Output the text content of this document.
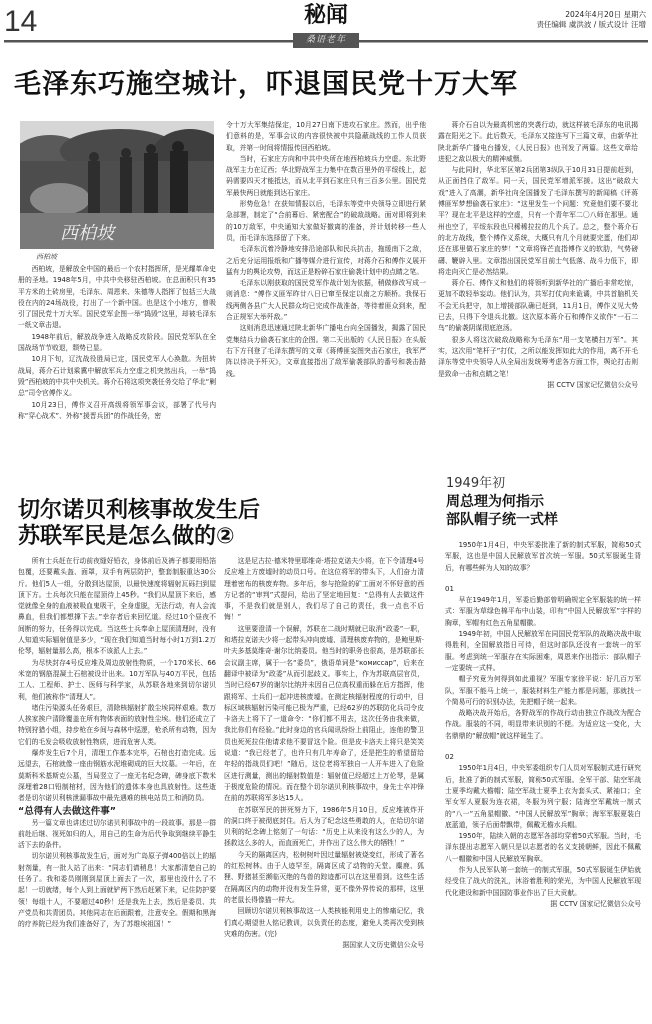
14	秘闻
桑语老年
2024年4月20日 星期六
责任编辑 虞洪波 / 版式设计 汪增
毛泽东巧施空城计，吓退国民党十万大军
西柏坡
西柏坡

西柏坡，是解放全中国的最后一个农村指挥所，是光耀革命史册的圣地。1948年5月，中共中央移驻西柏坡。在总面积只有35平方米的土砖房里，毛泽东、周恩来、朱德等人指挥了包括三大战役在内的24场战役，打出了一个新中国。也是这个小地方，曾吸引了国民党十万大军。国民党军企图一举“捣毁”这里，却被毛泽东一纸文章击退。

1948年前后，解放战争进入战略反攻阶段。国民党军队在全国战场节节败退，颓势已显。

10月下旬，辽沈战役胜局已定，国民党军人心涣散。为扭转战局，蒋介石计划乘冀中解放军兵力空虚之机突然出兵，一举“捣毁”西柏坡的中共中央机关。蒋介石将这项突袭任务交给了华北“剿总”司令官傅作义。

10月23日，傅作义召开高级将领军事会议，部署了代号内称“穿心战术”、外称“援晋兵团”的作战任务，密

令十万大军集结保定，10月27日南下进攻石家庄。然而，出乎他们意料的是，军事会议的内容很快被中共隐蔽战线的工作人员获取，并第一时间将情报传回西柏坡。

当时，石家庄方向和中共中央所在地西柏坡兵力空虚。东北野战军主力在辽西；华北野战军主力集中在数百里外的平绥线上，起码需要四天才能抵达，而从北平到石家庄只有三百多公里。国民党军最快两日就能到达石家庄。

形势危急！在获知情报以后，毛泽东等党中央领导立即进行紧急部署，制定了“合前幕后、紧密配合”的破敌战略。面对即将到来的10万敌军，中央通知大家做好撤离的准备，并计划转移一些人员，而毛泽东选择留了下来。

毛泽东沉着冷静地安排沿途部队和民兵抗击，拖缓南下之敌，之后充分运用报纸和广播等媒介进行宣传，对蒋介石和傅作义展开猛有力的舆论攻势，而这正是粉碎石家庄偷袭计划中的点睛之笔。

毛泽东以刚获取的国民党军作战计划为依据，稍做修改写成一则消息：“傅作义匪军昨廿八日已窜至保定以南之方顺桥。我保石线两侧各县广大人民群众均已完成作战准备，等待着匪众到来，配合正规军大举歼敌。”

这则消息迅速通过陕北新华广播电台向全国播发，揭露了国民党集结兵力偷袭石家庄的企图。第二天出版的《人民日报》在头版右下方刊登了毛泽东撰写的文章《蒋傅匪妄图突击石家庄，我军严阵以待决予歼灭》，文章直接指出了敌军偷袭部队的番号和袭击路线。

蒋介石自以为最高机密的突袭行动，就这样被毛泽东的电讯揭露在阳光之下。此后数天，毛泽东又接连写下三篇文章，由新华社陕北新华广播电台播发，《人民日报》也刊发了两篇。这些文章给进犯之敌以极大的精神威慑。

与此同时，华北军区第2兵团第3纵队于10月31日提前赶到，从正面挡住了敌军。同一天，国民党军增派军援。这出“破敌大戏”进入了高潮，新华社向全国播发了毛泽东撰写的新闻稿《评蒋傅匪军梦想偷袭石家庄》：“这里发生一个问题：究竟他们要不要北平？现在北平是这样的空虚，只有一个青年军二〇八师在那里。通州也空了，平绥东段也只稀稀拉拉的几个兵了。总之，整个蒋介石的北方战线，整个傅作义系统，大概只有几个月就要完蛋，他们却还在那里做石家庄的梦！”文章将锋芒直指傅作义的软肋，气势磅礴、鞭辟入里。文章指出国民党军目前士气低落、战斗力低下，即将走向灭亡是必然结果。

蒋介石、傅作义和他们的将领听到新华社的广播后非常吃惊，更加不敢轻举妄动。他们认为，共军打仗向来诡谲，中共首脑机关不会无兵把守，加上增援部队确已赶到，11月1日，傅作义见大势已去，只得下令退兵北撤。这次原本蒋介石和傅作义欲作“一石二鸟”的偷袭阴谋彻底泡汤。

很多人将这次破敌战略称为毛泽东“用一支笔横扫万军”。其实，这次用“笔杆子”打仗，之所以能发挥如此大的作用，离不开毛泽东等党中央领导人从全局出发统筹考虑各方面工作，舆论打击则是致命一击和点睛之笔！

据 CCTV 国家记忆微信公众号

切尔诺贝利核事故发生后
苏联军民是怎么做的②

所有士兵赶在行动前夜缝好铅衣，身体前后及裤子都要用铅箔包覆，还要戴头盔、面罩，双手有两层防护，整套制服重达30公斤。他们5人一组，分散到达屋顶，以最快速度将辐射瓦砾扫到屋顶下方。士兵每次只能在屋顶待上45秒。“我们从屋顶下来后，感觉就像全身的血液被吸血鬼吸干，全身虚脱，无法行动，有人会流鼻血，但我们都想撑下去。”幸存者后来回忆道。经过10个昼夜不间断的努力，任务得以完成。当这些士兵奉命上屋顶清理时，没有人知道实际辐射值是多少，“现在我们知道当时每小时1万到1.2万伦琴，辐射量那么高，根本不该派人上去。”

为尽快封存4号反应堆及周边放射性物质，一个170米长、66米宽的钢筋混凝土石棺被设计出来。10万军队与40万平民，包括工人、工程师、护士、医师与科学家，从苏联各地来到切尔诺贝利，他们被称作“清理人”。

堵住污染源头任务艰巨，清除核辐射扩散尘埃同样艰难。数万人挨家挨户清除覆盖在所有物体表面的放射性尘埃。他们还成立了特别狩猎小组，持步枪在乡间与森林中巡逻，枪杀所有动物，因为它们的毛发会吸收放射性物质，进而危害人类。

爆炸发生后7个月，清理工作基本完毕，石棺也打造完成。远远望去，石棺就像一座由钢筋水泥堆砌成的巨大坟墓。一年后，在莫斯科米基斯克公墓，当局竖立了一座无名纪念碑，碑身底下数米深埋着28口铅制棺材，因为他们的遗体本身也具放射性。这些逝者是切尔诺贝利核泄漏事故中最先遇难的核电站员工和消防员。

“总得有人去做这件事”

另一篇文章也讲述过切尔诺贝利事故中的一段故事。那是一群前赴后继、视死如归的人，用自己的生命为后代争取到继续平静生活下去的条件。

切尔诺贝利核事故发生后，面对为广岛原子弹400倍以上的辐射剂量，有一批人站了出来：“同志们请稍息！大家都清楚自己的任务了。我和委员刚刚到屋顶上面去了一次，那里也没什么了不起！一切就绪，每个人到上面就铲两下然后赶紧下来，记住防护要领！每组十人，不要超过40秒！还是我先上去，然后是委员、共产党员和共青团员。其他同志在后面跟着，注意安全。假期和黑海的疗养院已经为我们准备好了，为了苏维埃祖国！”

这是尼古拉·德米特里耶维奇·塔拉克诺夫少将，在下令清理4号反应堆上方废墟时的动员口号。在这位将军的带头下，人们奋力清理着密布的核废弃物。多年后，参与抢险的矿工面对不怀好意的西方记者的“审判”式提问，给出了坚定地回复：“总得有人去做这件事，不是我们就是别人，我们尽了自己的责任，我一点也不后悔！”

这里要澄清一个误解，苏联在二战时期就已取消“政委”一职，和塔拉克诺夫少将一起带头冲向废墟、清理核废弃物的，是鲍里斯·叶夫多基莫维奇·谢尔比纳委员。他当时的职务也很高，是苏联部长会议副主席，属于一名“委员”，俄语单词是“комиссар”，后来在翻译中被译为“政委”从而引起歧义。事实上，作为苏联高层官员，当时已经67岁的谢尔比纳并未因自己位高权重而躲在后方指挥，他跟将军、士兵们一起冲进核废墟。在测定核辐射程度的行动中，目标区域核辐射污染可能已极为严重，已经62岁的苏联防化兵司令皮卡洛夫上将下了一道命令：“你们都不用去，这次任务由我来做，我比你们有经验。”此时身边的官兵闻讯纷纷上前阻止，连他的警卫员也死死拉住他请求他不要冒这个险。但是皮卡洛夫上将只是笑笑说道：“我已经老了，也许只有几年寿命了，还是把生的希望留给年轻的指战员们吧！”随后，这位老将军独自一人开车进入了危险区进行测量，测出的辐射数值是：辐射值已经超过上万伦琴，是属于极度危险的情况。而在整个切尔诺贝利核事故中，身先士卒冲锋在前的苏联将军多达15人。

在苏联军民的拼死努力下，1986年5月10日，反应堆被炸开的洞口终于被彻底封住。后人为了纪念这些勇敢的人，在给切尔诺贝利的纪念碑上铭刻了一句话：“历史上从来没有这么少的人，为拯救这么多的人，而直面死亡，并作出了这么伟大的牺牲！”

今天的隔离区内，松树树叶因过量辐射被烧变红，形成了著名的红松树林。由于人迹罕至，隔离区成了动物的天堂。麋鹿、狐狸、野猪甚至濒临灭绝的鸟兽的踪迹都可以在这里看到。这些生活在隔离区内的动物并没有发生异常，更不像外界传说的那样，这里的老鼠长得像猫一样大。

回顾切尔诺贝利核事故这一人类核能利用史上的惨痛记忆，我们真心期望世人铭记教训，以负责任的态度，避免人类再次受到核灾难的伤害。(完)

据国家人文历史微信公众号

1949年初
周总理为何指示
部队帽子统一式样

1950年1月4日，中央军委批准了新的制式军服，简称50式军服，这也是中国人民解放军首次统一军服。50式军服诞生背后，有哪些鲜为人知的故事？

01

早在1949年1月，军委后勤部曾明确规定全军服装的统一样式：军服为草绿色棉平布中山装，印有“中国人民解放军”字样的胸章，军帽有红色五角星帽徽。

1949年初，中国人民解放军在同国民党军队的战略决战中取得胜利，全国解放指日可待，但这时部队还没有一套统一的军服。考虑到统一军服存在实际困难，周恩来作出指示：部队帽子一定要统一式样。

帽子究竟为何得到如此重视？军服专家徐平说：好几百万军队，军服不能马上统一，服装材料生产能力都是问题，那就找一个简易可行的识别办法，先把帽子统一起来。

战略决战开始后，各野战军的作战行动由独立作战改为配合作战。服装的不同，明显带来识别的不便。为适应这一变化，大名鼎鼎的“解放帽”就这样诞生了。

02

1950年1月4日，中央军委组织专门人员对军服制式进行研究后，批准了新的制式军服，简称50式军服。全军干部、陆空军战士夏季均戴大檐帽；陆空军战士夏季上衣为套头式、紧袖口；全军女军人夏服为连衣裙，冬服为列宁服；陆海空军戴统一制式的“八一”五角星帽徽、“中国人民解放军”胸章；海军军服夏装白底蓝道，领子后面带飘带，佩戴无檐水兵帽。

1950年，陆续入朝的志愿军各部均穿着50式军服。当时，毛泽东提出志愿军入朝只是以志愿者的名义支援朝鲜，因此不佩戴八一帽徽和中国人民解放军胸章。

作为人民军队第一套统一的制式军服，50式军服诞生伊始就经受住了战火的洗礼，沐浴着胜利的荣光，为中国人民解放军现代化建设和新中国国防事业作出了巨大贡献。

据 CCTV 国家记忆微信公众号
